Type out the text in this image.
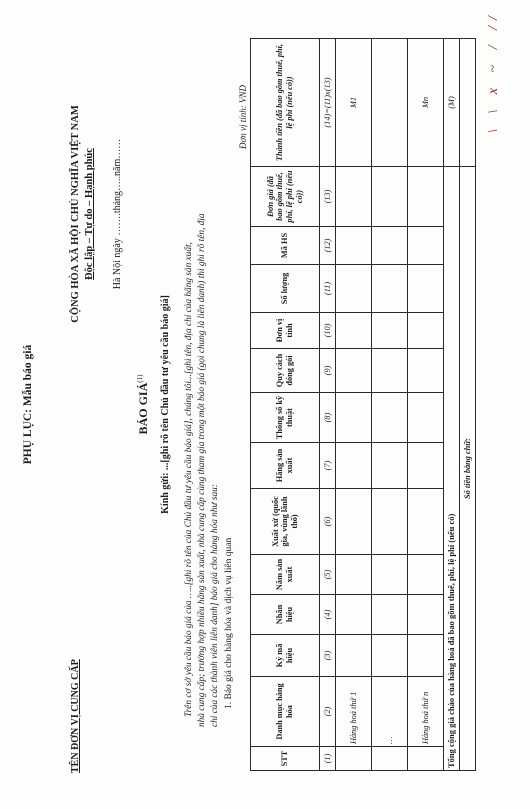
PHỤ LỤC: Mẫu báo giá
TÊN ĐƠN VỊ CUNG CẤP
CỘNG HÒA XÃ HỘI CHỦ NGHĨA VIỆT NAM Độc lập – Tự do – Hạnh phúc Hà Nội ngày …….tháng…..năm……
BÁO GIÁ$^{(1)}$	Kính gửi: ...[ghi rõ tên Chủ đầu tư yêu cầu báo giá] Trên cơ sở yêu cầu báo giá của …..[ghi rõ tên của Chủ đầu tư yêu cầu báo giá], chúng tôi...[ghi tên, địa chỉ của hãng sản xuất, nhà cung cấp; trường hợp nhiều hãng sản xuất, nhà cung cấp cùng tham gia trong một báo giá (gọi chung là liên danh) thì ghi rõ tên, địa chỉ của các thành viên liên danh] báo giá cho hàng hóa như sau: 1. Báo giá cho hàng hóa và dịch vụ liên quan
Đơn vị tính: VND
STT	Danh mục hàng hóa	Ký mã hiệu	Nhãn hiệu	Năm sản xuất	Xuất xứ (quốc gia, vùng lãnh thổ)	Hãng sản xuất	Thông số kỹ thuật	Quy cách đóng gói	Đơn vị tính	Số lượng	Mã HS	Đơn giá (đã bao gồm thuế, phí, lệ phí (nếu có))	Thành tiền (đã bao gồm thuế, phí, lệ phí (nếu có))
(1)	(2)	(3)	(4)	(5)	(6)	(7)	(8)	(9)	(10)	(11)	(12)	(13)	(14)=(11)x(13)
	Hàng hoá thứ 1												M1
	…												
	Hàng hoá thứ n												Mn
Tổng cộng giá chào của hàng hoá đã bao gồm thuế, phí, lệ phí (nếu có)													(M)
Số tiền bằng chữ:													
\ \ x ~ / //
